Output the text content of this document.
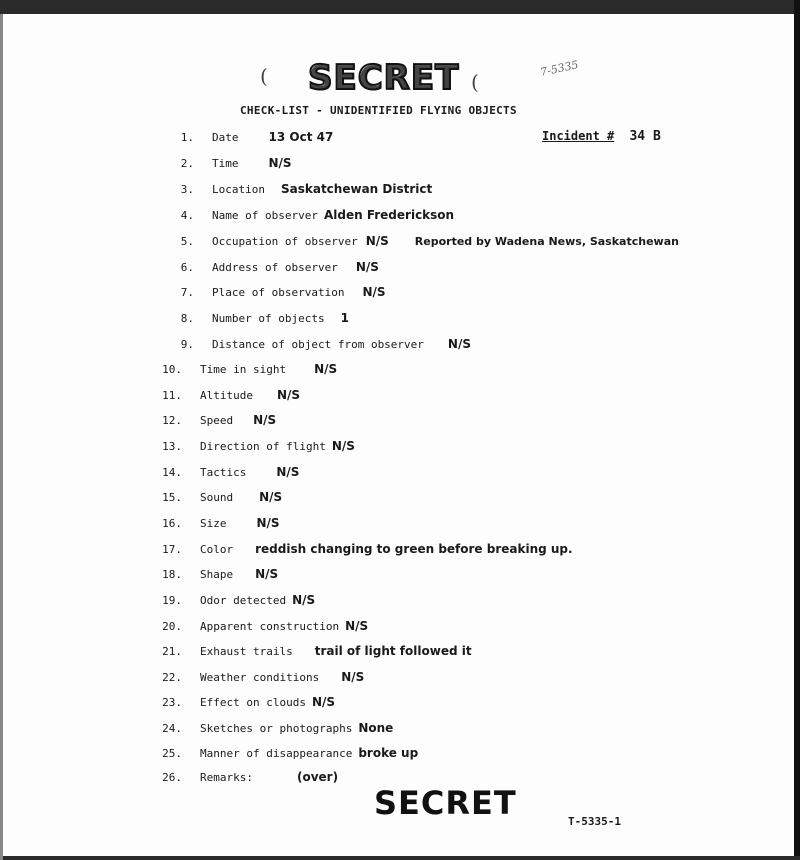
( SECRET (
7-5335
CHECK-LIST - UNIDENTIFIED FLYING OBJECTS
Incident # 34 B
1. Date	13 Oct 47
2. Time	N/S
3. Location Saskatchewan District
4. Name of observer Alden Frederickson
5. Occupation of observer N/S Reported by Wadena News, Saskatchewan
6. Address of observer N/S
7. Place of observation N/S
8. Number of objects 1
9. Distance of object from observer N/S
10. Time in sight N/S
11. Altitude N/S
12. Speed N/S
13. Direction of flight N/S
14. Tactics	N/S
15. Sound N/S
16. Size	N/S
17. Color reddish changing to green before breaking up.
18. Shape N/S
19. Odor detected N/S
20. Apparent construction N/S
21. Exhaust trails trail of light followed it
22. Weather conditions N/S
23. Effect on clouds N/S
24. Sketches or photographs None
25. Manner of disappearance broke up
26. Remarks:	(over)
SECRET	T-5335-1
